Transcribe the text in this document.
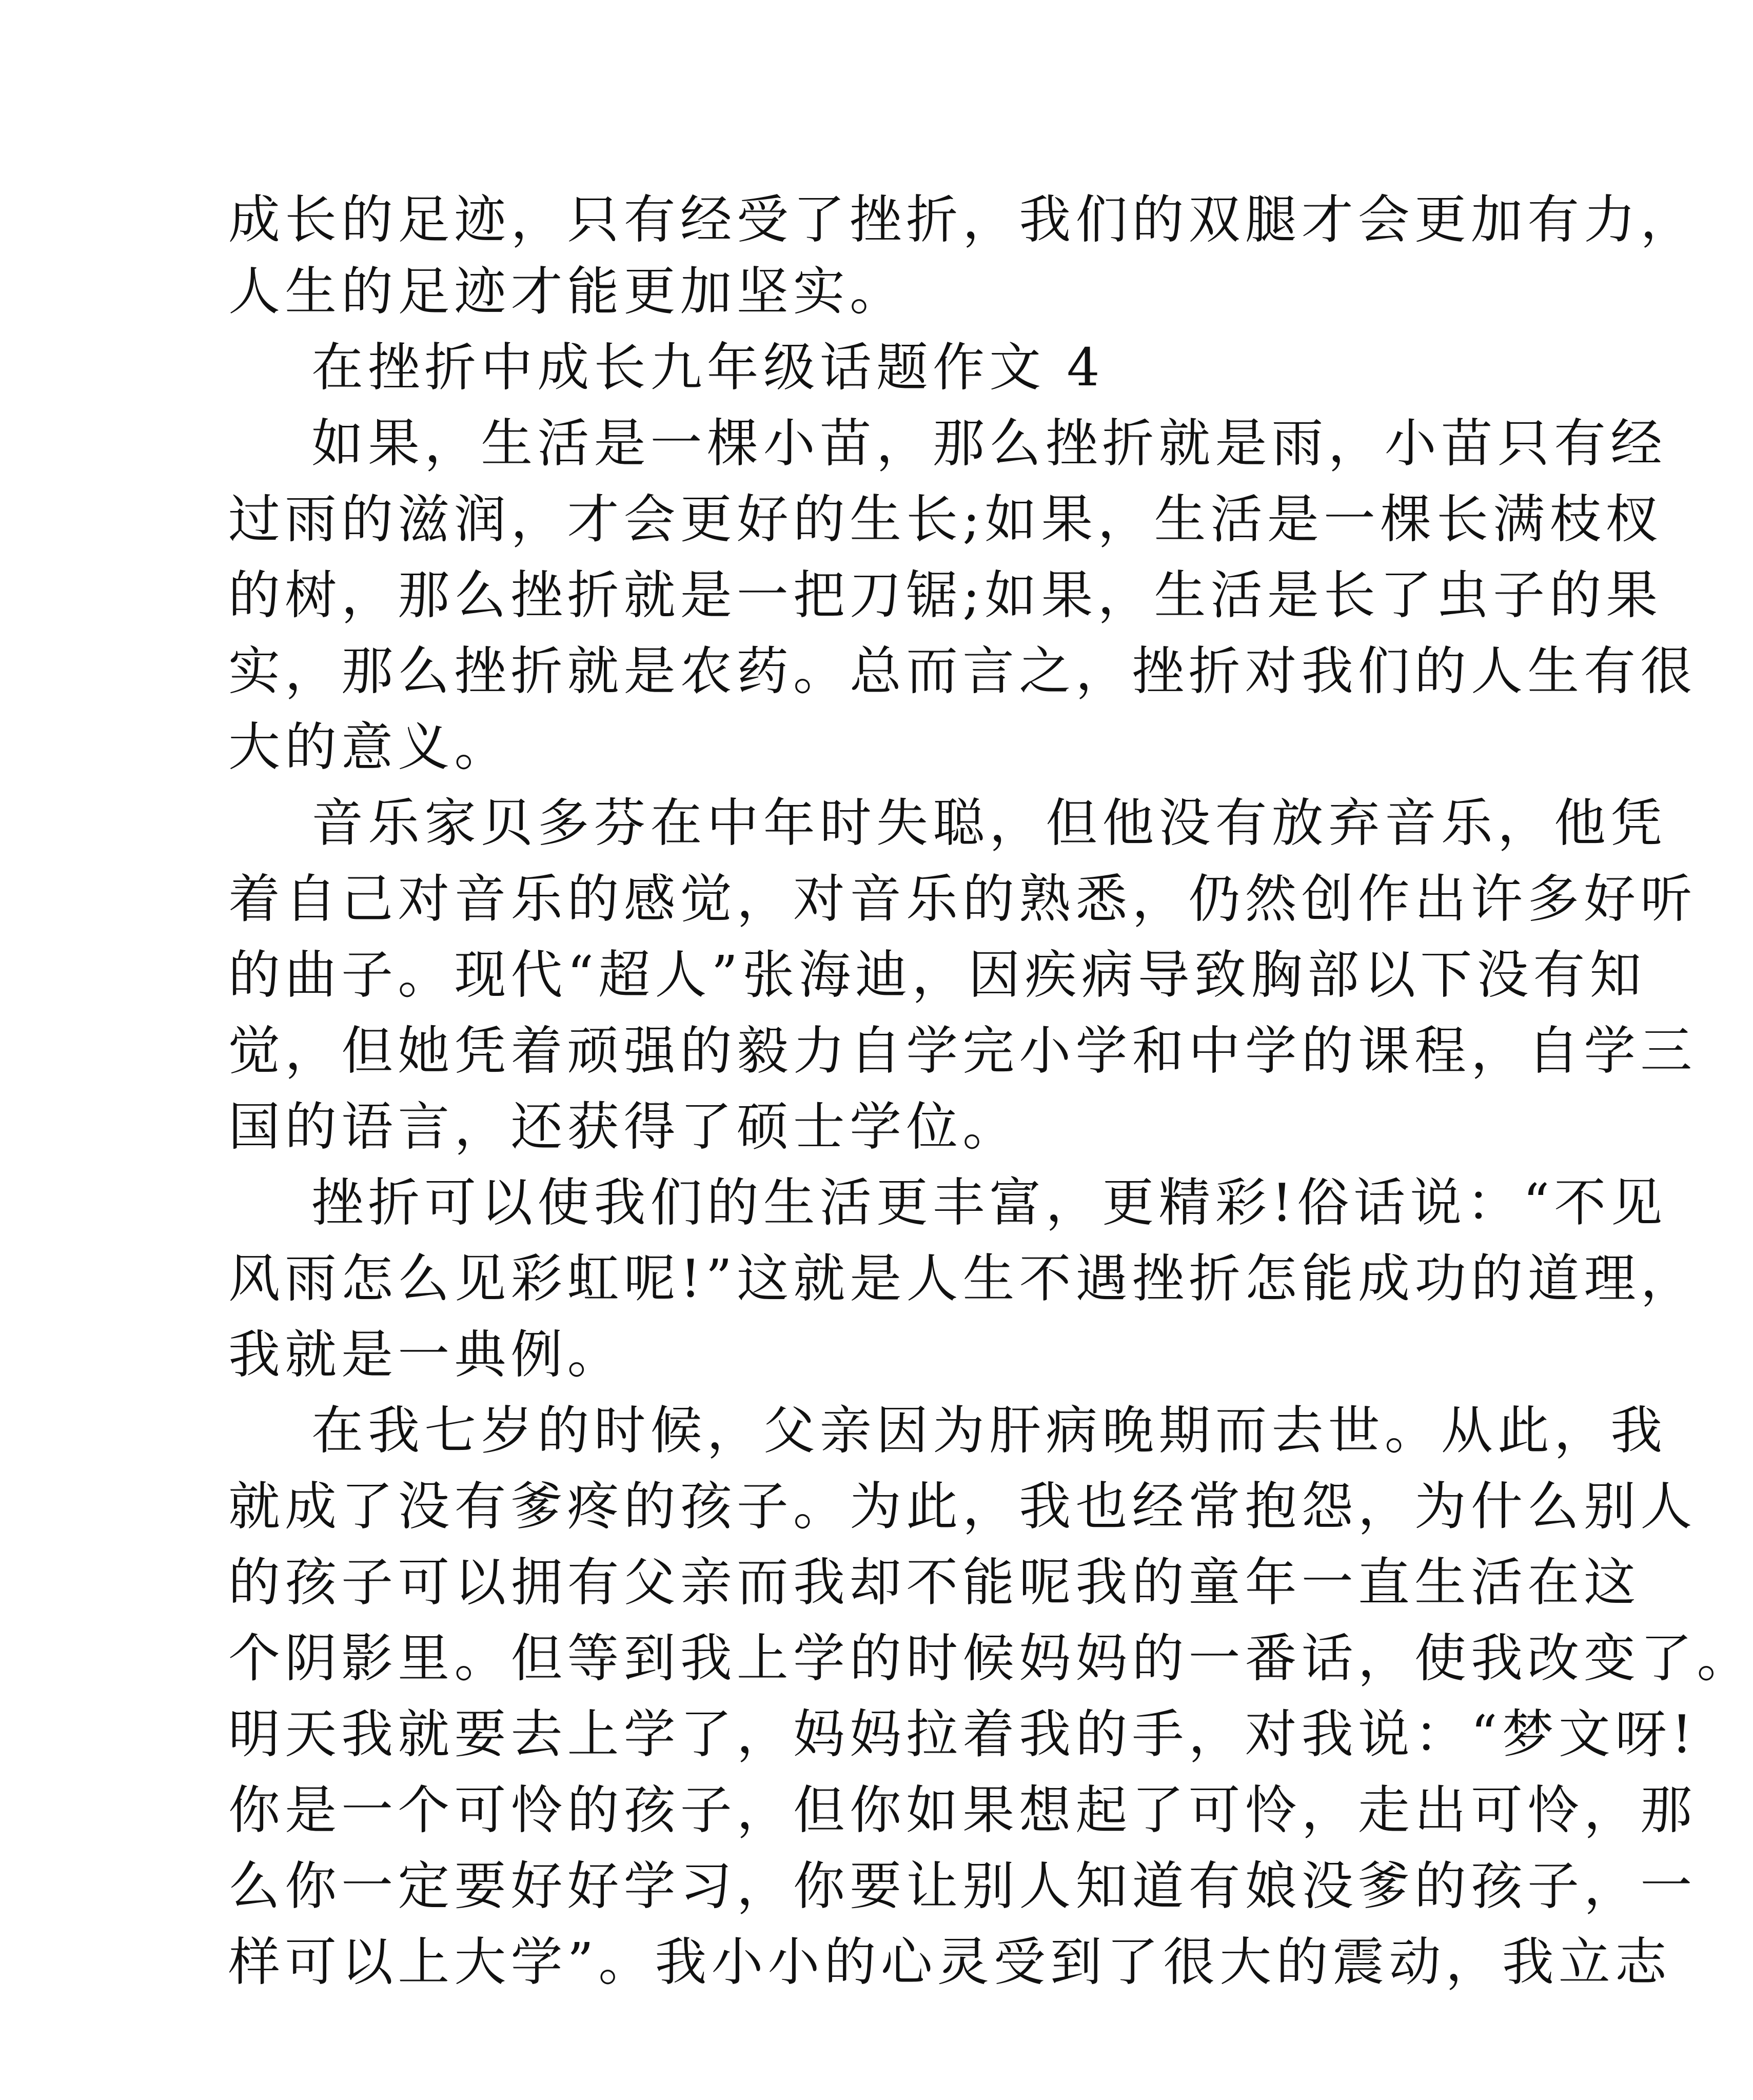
成长的足迹，只有经受了挫折，我们的双腿才会更加有力，
人生的足迹才能更加坚实。
在挫折中成长九年级话题作文 4
如果，生活是一棵小苗，那么挫折就是雨，小苗只有经
过雨的滋润，才会更好的生长;如果，生活是一棵长满枝杈
的树，那么挫折就是一把刀锯;如果，生活是长了虫子的果
实，那么挫折就是农药。总而言之，挫折对我们的人生有很
大的意义。
音乐家贝多芬在中年时失聪，但他没有放弃音乐，他凭
着自己对音乐的感觉，对音乐的熟悉，仍然创作出许多好听
的曲子。现代“超人”张海迪，因疾病导致胸部以下没有知
觉，但她凭着顽强的毅力自学完小学和中学的课程，自学三
国的语言，还获得了硕士学位。
挫折可以使我们的生活更丰富，更精彩!俗话说：“不见
风雨怎么见彩虹呢!”这就是人生不遇挫折怎能成功的道理，
我就是一典例。
在我七岁的时候，父亲因为肝病晚期而去世。从此，我
就成了没有爹疼的孩子。为此，我也经常抱怨，为什么别人
的孩子可以拥有父亲而我却不能呢我的童年一直生活在这
个阴影里。但等到我上学的时候妈妈的一番话，使我改变了。
明天我就要去上学了，妈妈拉着我的手，对我说：“梦文呀!
你是一个可怜的孩子，但你如果想起了可怜，走出可怜，那
么你一定要好好学习，你要让别人知道有娘没爹的孩子，一
样可以上大学”。我小小的心灵受到了很大的震动，我立志
